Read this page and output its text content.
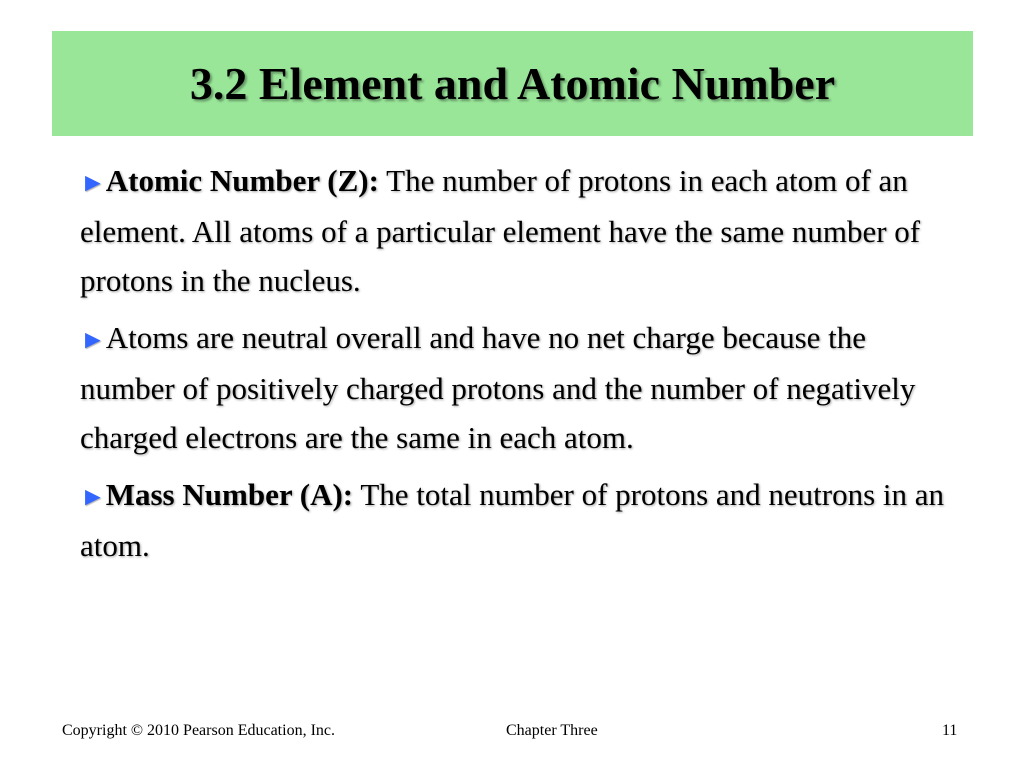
3.2 Element and Atomic Number

►Atomic Number (Z): The number of protons in each atom of an element. All atoms of a particular element have the same number of protons in the nucleus.

►Atoms are neutral overall and have no net charge because the number of positively charged protons and the number of negatively charged electrons are the same in each atom.

►Mass Number (A): The total number of protons and neutrons in an atom.

Copyright © 2010 Pearson Education, Inc.	Chapter Three	11
